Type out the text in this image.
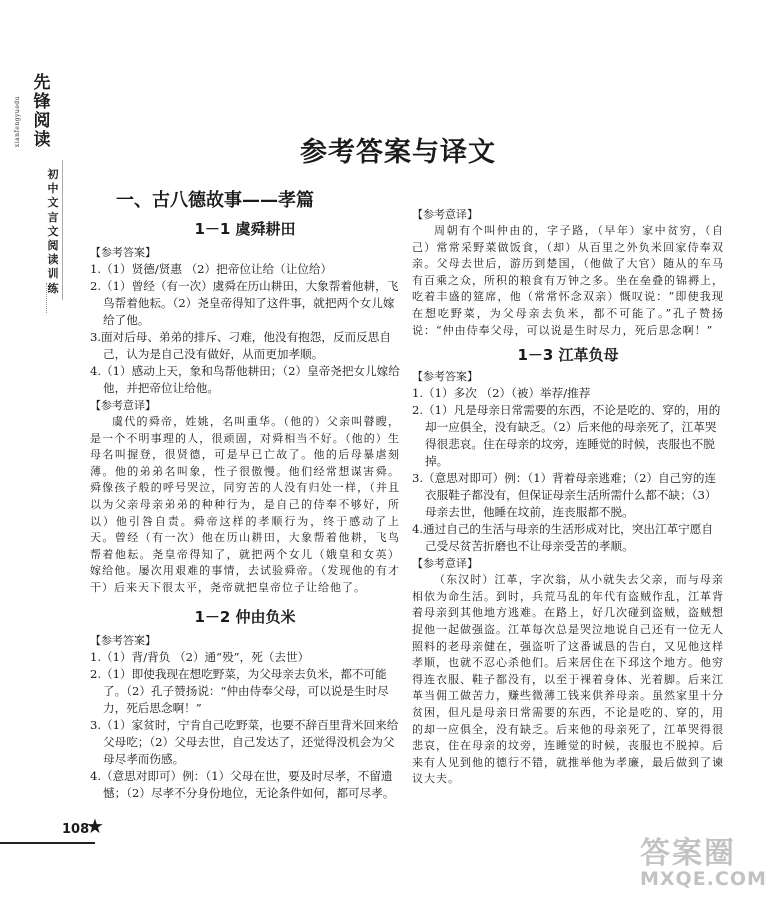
先锋阅读
xianfengyuedu
初中文言文阅读训练
参考答案与译文

一、古八德故事——孝篇

1－1 虞舜耕田

【参考答案】

1.（1）贤德/贤惠 （2）把帝位让给（让位给）

2.（1）曾经（有一次）虞舜在历山耕田，大象帮着他耕，飞鸟帮着他耘。（2）尧皇帝得知了这件事，就把两个女儿嫁给了他。

3.面对后母、弟弟的排斥、刁难，他没有抱怨，反而反思自己，认为是自己没有做好，从而更加孝顺。

4.（1）感动上天，象和鸟帮他耕田；（2）皇帝尧把女儿嫁给他，并把帝位让给他。

【参考意译】

虞代的舜帝，姓姚，名叫重华。（他的）父亲叫瞽瞍，是一个不明事理的人，很顽固，对舜相当不好。（他的）生母名叫握登，很贤德，可是早已亡故了。他的后母暴虐刻薄。他的弟弟名叫象，性子很傲慢。他们经常想谋害舜。舜像孩子般的呼号哭泣，同穷苦的人没有归处一样，（并且以为父亲母亲弟弟的种种行为，是自己的侍奉不够好，所以）他引咎自责。舜帝这样的孝顺行为，终于感动了上天。曾经（有一次）他在历山耕田，大象帮着他耕，飞鸟帮着他耘。尧皇帝得知了，就把两个女儿（娥皇和女英）嫁给他。屡次用艰难的事情，去试验舜帝。（发现他的有才干）后来天下很太平，尧帝就把皇帝位子让给他了。

1－2 仲由负米

【参考答案】

1.（1）背/背负 （2）通“殁”，死（去世）

2.（1）即使我现在想吃野菜，为父母亲去负米，都不可能了。（2）孔子赞扬说：“仲由侍奉父母，可以说是生时尽力，死后思念啊！”

3.（1）家贫时，宁肯自己吃野菜，也要不辞百里背米回来给父母吃；（2）父母去世，自己发达了，还觉得没机会为父母尽孝而伤感。

4.（意思对即可）例：（1）父母在世，要及时尽孝，不留遗憾；（2）尽孝不分身份地位，无论条件如何，都可尽孝。

【参考意译】

周朝有个叫仲由的，字子路，（早年）家中贫穷，（自己）常常采野菜做饭食，（却）从百里之外负米回家侍奉双亲。父母去世后，游历到楚国，（他做了大官）随从的车马有百乘之众，所积的粮食有万钟之多。坐在垒叠的锦褥上，吃着丰盛的筵席，他（常常怀念双亲）慨叹说：“即使我现在想吃野菜，为父母亲去负米，都不可能了。”孔子赞扬说：“仲由侍奉父母，可以说是生时尽力，死后思念啊！”

1－3 江革负母

【参考答案】

1.（1）多次 （2）（被）举荐/推荐

2.（1）凡是母亲日常需要的东西，不论是吃的、穿的，用的却一应俱全，没有缺乏。（2）后来他的母亲死了，江革哭得很悲哀。住在母亲的坟旁，连睡觉的时候，丧服也不脱掉。

3.（意思对即可）例：（1）背着母亲逃难；（2）自己穷的连衣服鞋子都没有，但保证母亲生活所需什么都不缺；（3）母亲去世，他睡在坟前，连丧服都不脱。

4.通过自己的生活与母亲的生活形成对比，突出江革宁愿自己受尽贫苦折磨也不让母亲受苦的孝顺。

【参考意译】

（东汉时）江革，字次翁，从小就失去父亲，而与母亲相依为命生活。到时，兵荒马乱的年代有盗贼作乱，江革背着母亲到其他地方逃难。在路上，好几次碰到盗贼，盗贼想捉他一起做强盗。江革每次总是哭泣地说自己还有一位无人照料的老母亲健在，强盗听了这番诚恳的告白，又见他这样孝顺，也就不忍心杀他们。后来居住在下邳这个地方。他穷得连衣服、鞋子都没有，以至于裸着身体、光着脚。后来江革当佣工做苦力，赚些微薄工钱来供养母亲。虽然家里十分贫困，但凡是母亲日常需要的东西，不论是吃的、穿的，用的却一应俱全，没有缺乏。后来他的母亲死了，江革哭得很悲哀，住在母亲的坟旁，连睡觉的时候，丧服也不脱掉。后来有人见到他的德行不错，就推举他为孝廉，最后做到了谏议大夫。

108
★
答案圈
MXQE.COM
